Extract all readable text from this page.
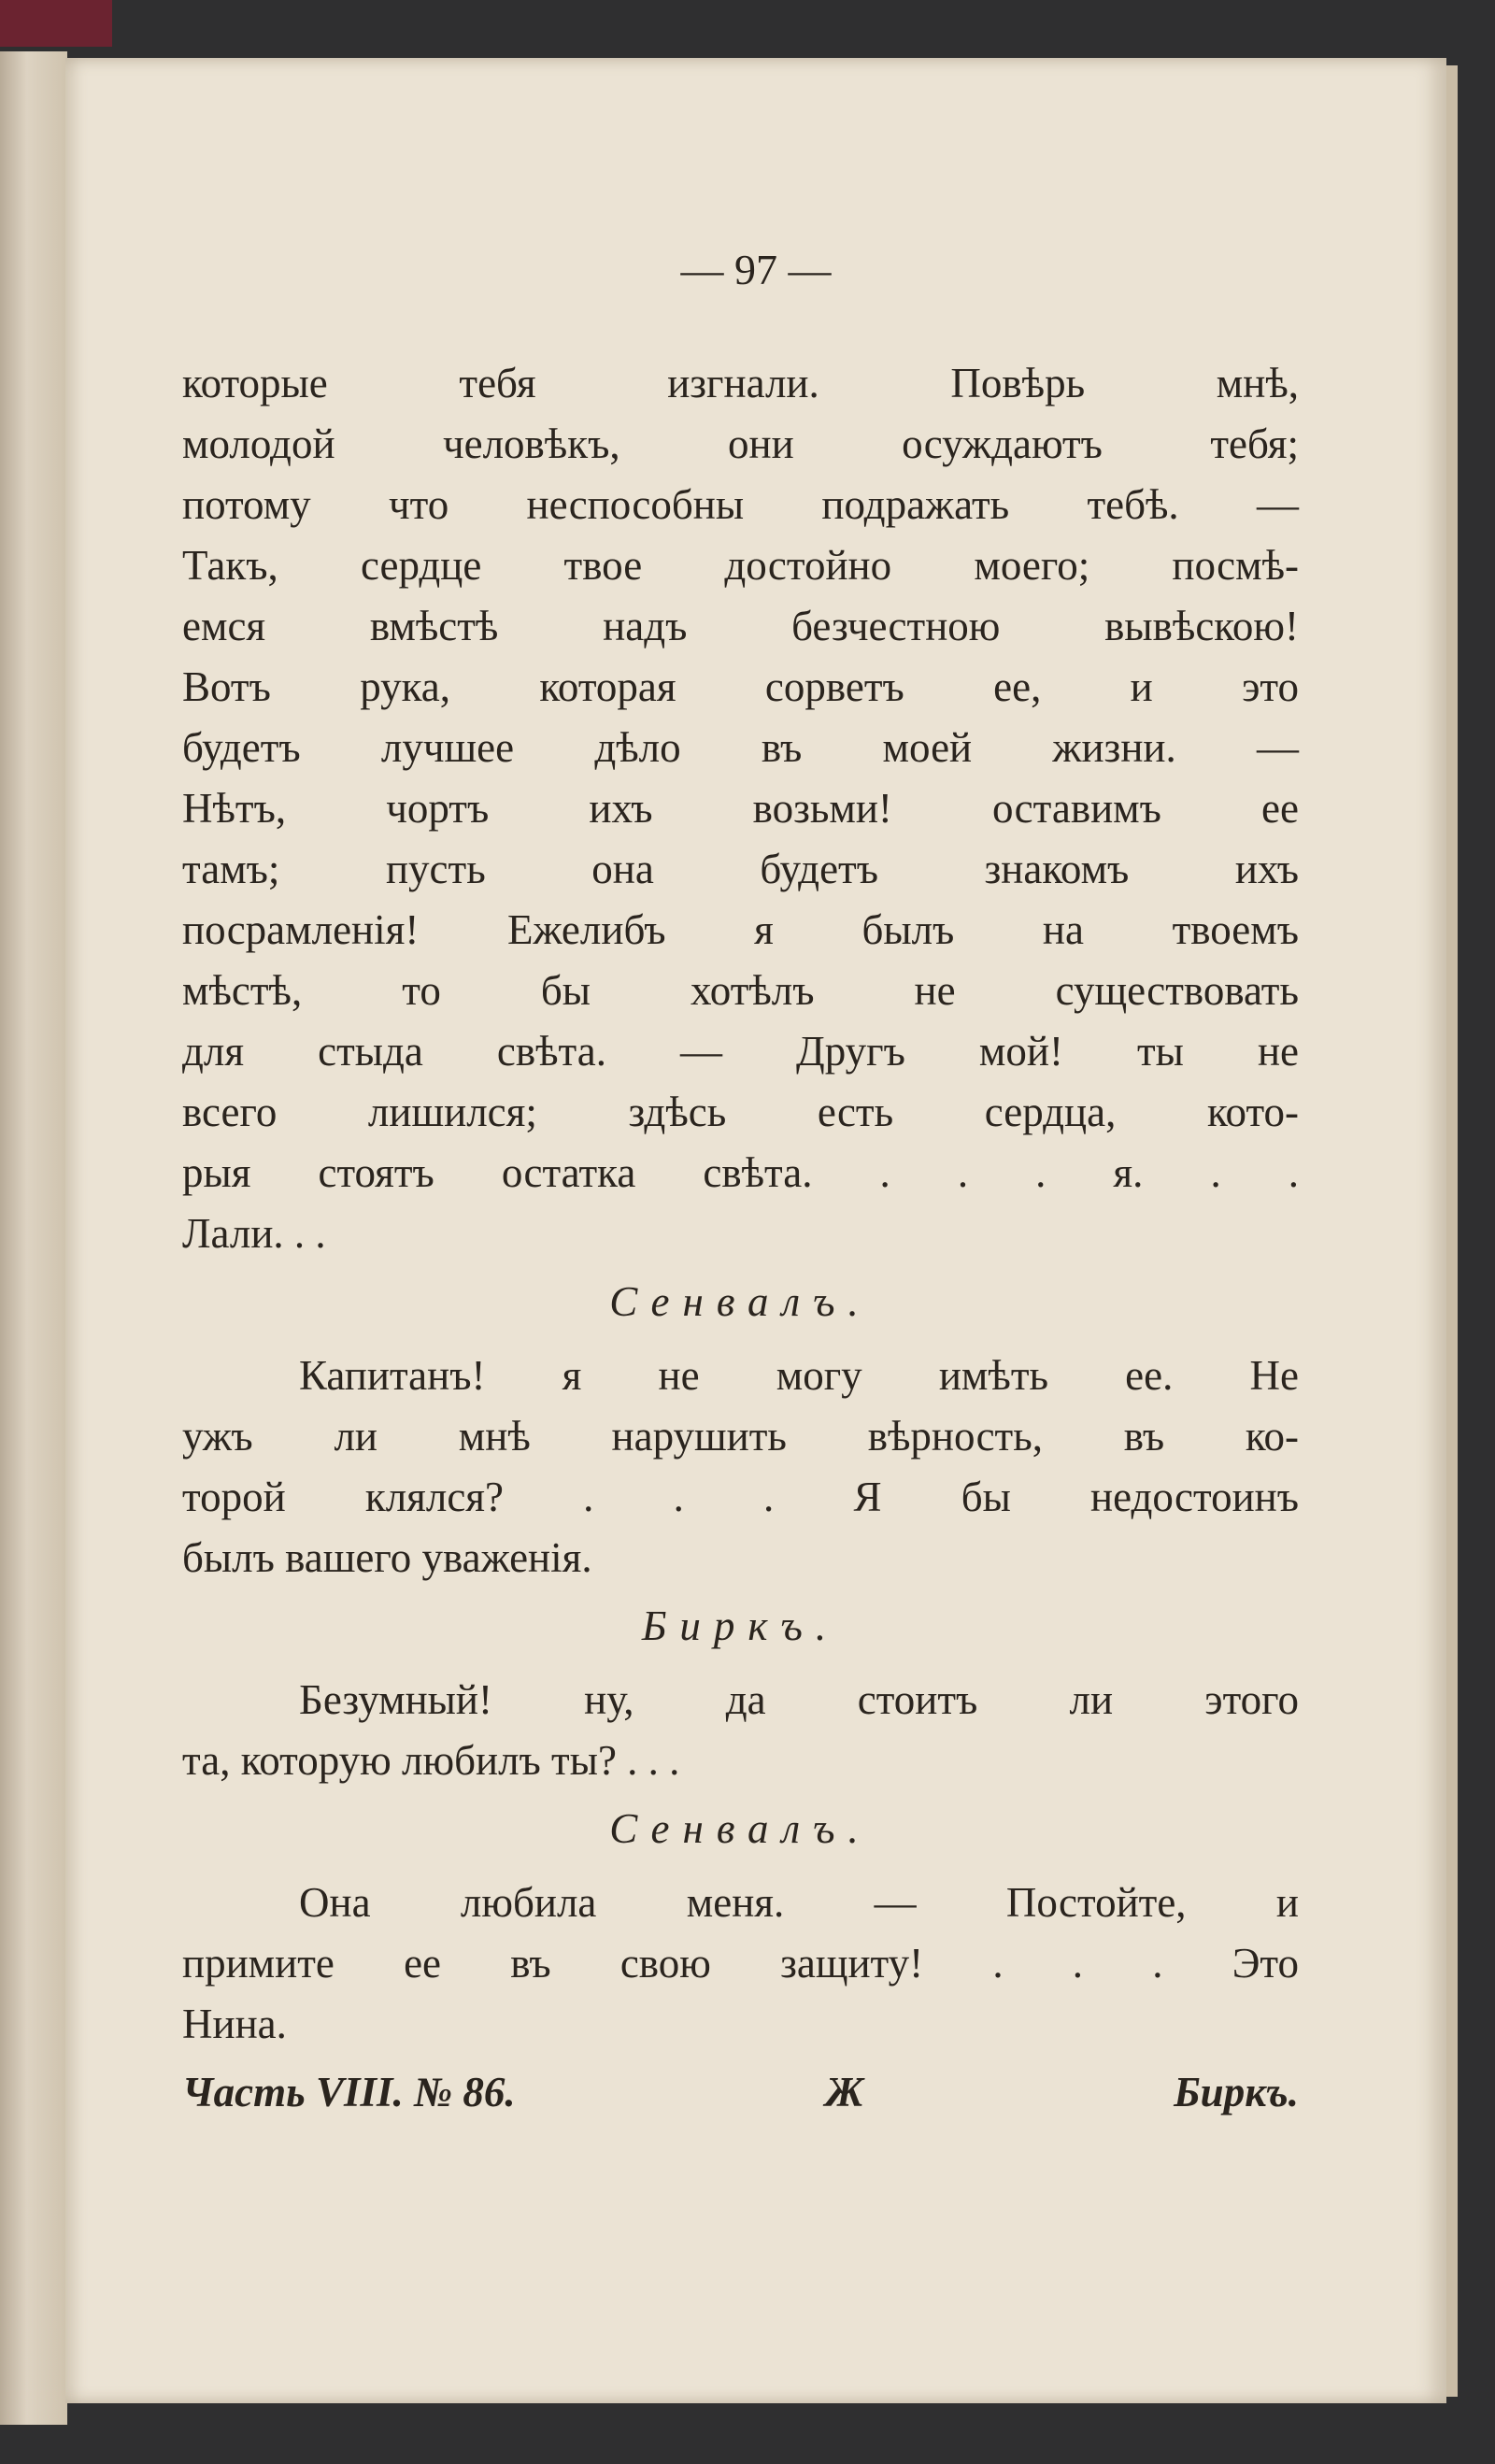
— 97 —
которые тебя изгнали. Повѣрь мнѣ,
молодой человѣкъ, они осуждаютъ тебя;
потому что неспособны подражать тебѣ. —
Такъ, сердце твое достойно моего; посмѣ-
емся вмѣстѣ надъ безчестною вывѣскою!
Вотъ рука, которая сорветъ ее, и это
будетъ лучшее дѣло въ моей жизни. —
Нѣтъ, чортъ ихъ возьми! оставимъ ее
тамъ; пусть она будетъ знакомъ ихъ
посрамленія! Ежелибъ я былъ на твоемъ
мѣстѣ, то бы хотѣлъ не существовать
для стыда свѣта. — Другъ мой! ты не
всего лишился; здѣсь есть сердца, кото-
рыя стоятъ остатка свѣта. . . . я. . .
Лали. . .
Сенвалъ.
Капитанъ! я не могу имѣть ее. Не
ужъ ли мнѣ нарушить вѣрность, въ ко-
торой клялся? . . . Я бы недостоинъ
былъ вашего уваженія.
Биркъ.
Безумный! ну, да стоитъ ли этого
та, которую любилъ ты? . . .
Сенвалъ.
Она любила меня. — Постойте, и
примите ее въ свою защиту! . . . Это
Нина.
Часть VIII. № 86.	Ж	Биркъ.
